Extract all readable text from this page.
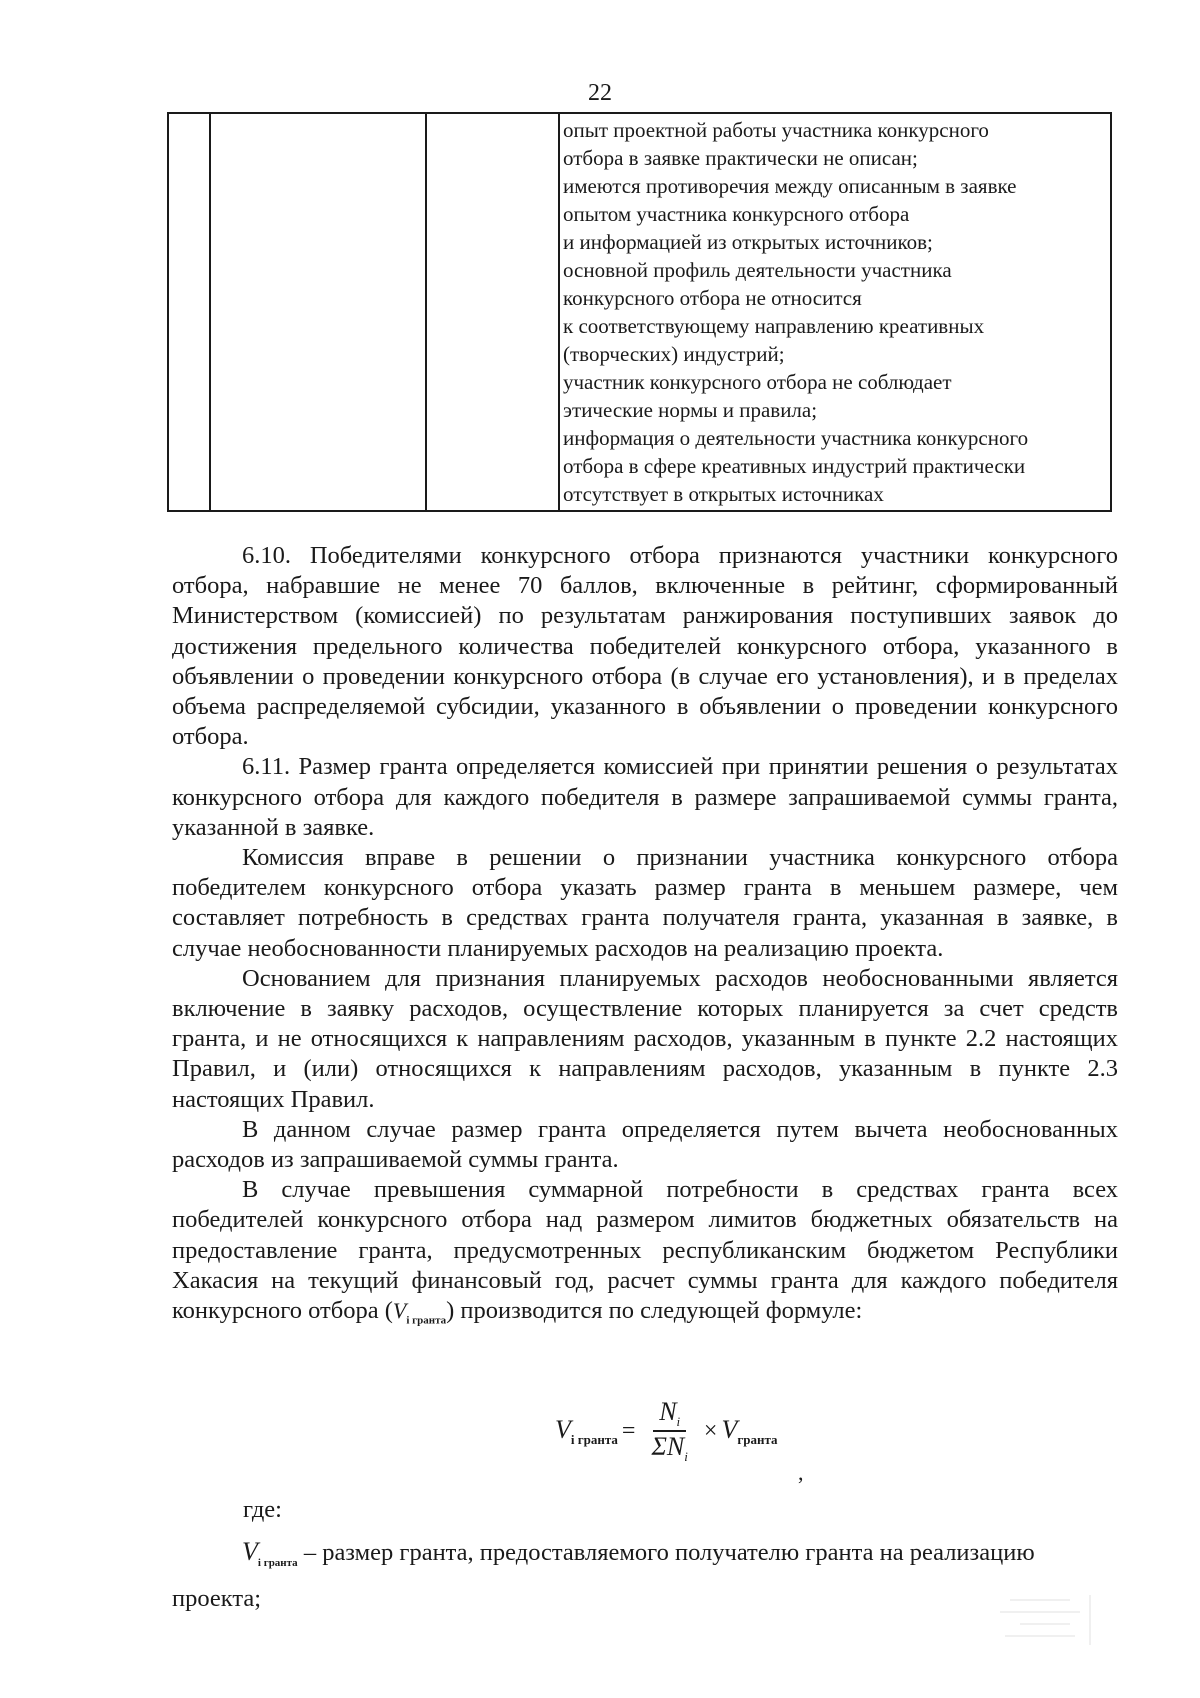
22

опыт проектной работы участника конкурсного
отбора в заявке практически не описан;
имеются противоречия между описанным в заявке
опытом участника конкурсного отбора
и информацией из открытых источников;
основной профиль деятельности участника
конкурсного отбора не относится
к соответствующему направлению креативных
(творческих) индустрий;
участник конкурсного отбора не соблюдает
этические нормы и правила;
информация о деятельности участника конкурсного
отбора в сфере креативных индустрий практически
отсутствует в открытых источниках

6.10. Победителями конкурсного отбора признаются участники конкурсного отбора, набравшие не менее 70 баллов, включенные в рейтинг, сформированный Министерством (комиссией) по результатам ранжирования поступивших заявок до достижения предельного количества победителей конкурсного отбора, указанного в объявлении о проведении конкурсного отбора (в случае его установления), и в пределах объема распределяемой субсидии, указанного в объявлении о проведении конкурсного отбора.

6.11. Размер гранта определяется комиссией при принятии решения о результатах конкурсного отбора для каждого победителя в размере запрашиваемой суммы гранта, указанной в заявке.

Комиссия вправе в решении о признании участника конкурсного отбора победителем конкурсного отбора указать размер гранта в меньшем размере, чем составляет потребность в средствах гранта получателя гранта, указанная в заявке, в случае необоснованности планируемых расходов на реализацию проекта.

Основанием для признания планируемых расходов необоснованными является включение в заявку расходов, осуществление которых планируется за счет средств гранта, и не относящихся к направлениям расходов, указанным в пункте 2.2 настоящих Правил, и (или) относящихся к направлениям расходов, указанным в пункте 2.3 настоящих Правил.

В данном случае размер гранта определяется путем вычета необоснованных расходов из запрашиваемой суммы гранта.

В случае превышения суммарной потребности в средствах гранта всех победителей конкурсного отбора над размером лимитов бюджетных обязательств на предоставление гранта, предусмотренных республиканским бюджетом Республики Хакасия на текущий финансовый год, расчет суммы гранта для каждого победителя конкурсного отбора $(V_{i гранта})$ производится по следующей формуле:

$V_{i гранта} = \frac{N_i}{\Sigma N_i} \times V_{гранта}$
,
где:

$V_{i гранта}$ – размер гранта, предоставляемого получателю гранта на реализацию проекта;
